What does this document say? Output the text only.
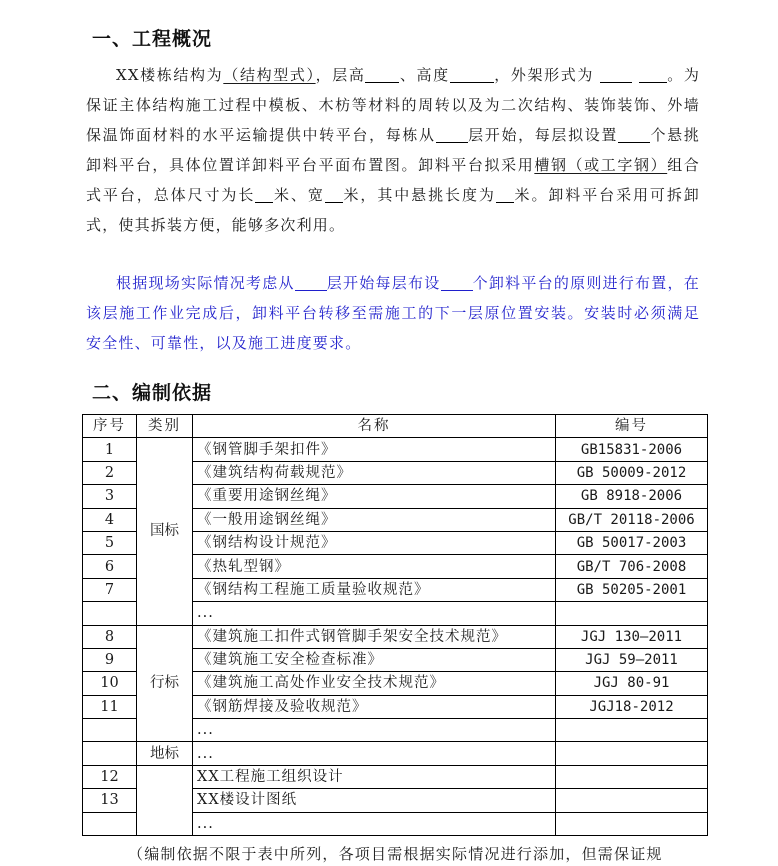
一、工程概况

XX楼栋结构为（结构型式），层高 、高度	，外架形式为	。为保证主体结构施工过程中模板、木枋等材料的周转以及为二次结构、装饰装饰、外墙保温饰面材料的水平运输提供中转平台，每栋从 层开始，每层拟设置 个悬挑卸料平台，具体位置详卸料平台平面布置图。卸料平台拟采用槽钢（或工字钢）组合式平台，总体尺寸为长 米、宽 米，其中悬挑长度为 米。卸料平台采用可拆卸式，使其拆装方便，能够多次利用。

根据现场实际情况考虑从 层开始每层布设 个卸料平台的原则进行布置，在该层施工作业完成后，卸料平台转移至需施工的下一层原位置安装。安装时必须满足安全性、可靠性，以及施工进度要求。

二、编制依据
序号	类别	名称	编号
1	国标	《钢管脚手架扣件》	GB15831-2006
2		《建筑结构荷载规范》	GB 50009-2012
3		《重要用途钢丝绳》	GB 8918-2006
4		《一般用途钢丝绳》	GB/T 20118-2006
5		《钢结构设计规范》	GB 50017-2003
6		《热轧型钢》	GB/T 706-2008
7		《钢结构工程施工质量验收规范》	GB 50205-2001
		...	
8	行标	《建筑施工扣件式钢管脚手架安全技术规范》	JGJ 130—2011
9		《建筑施工安全检查标准》	JGJ 59—2011
10		《建筑施工高处作业安全技术规范》	JGJ 80-91
11		《钢筋焊接及验收规范》	JGJ18-2012
		...	
	地标	...	
12		XX工程施工组织设计	
13		XX楼设计图纸	
		...	

（编制依据不限于表中所列，各项目需根据实际情况进行添加，但需保证规
